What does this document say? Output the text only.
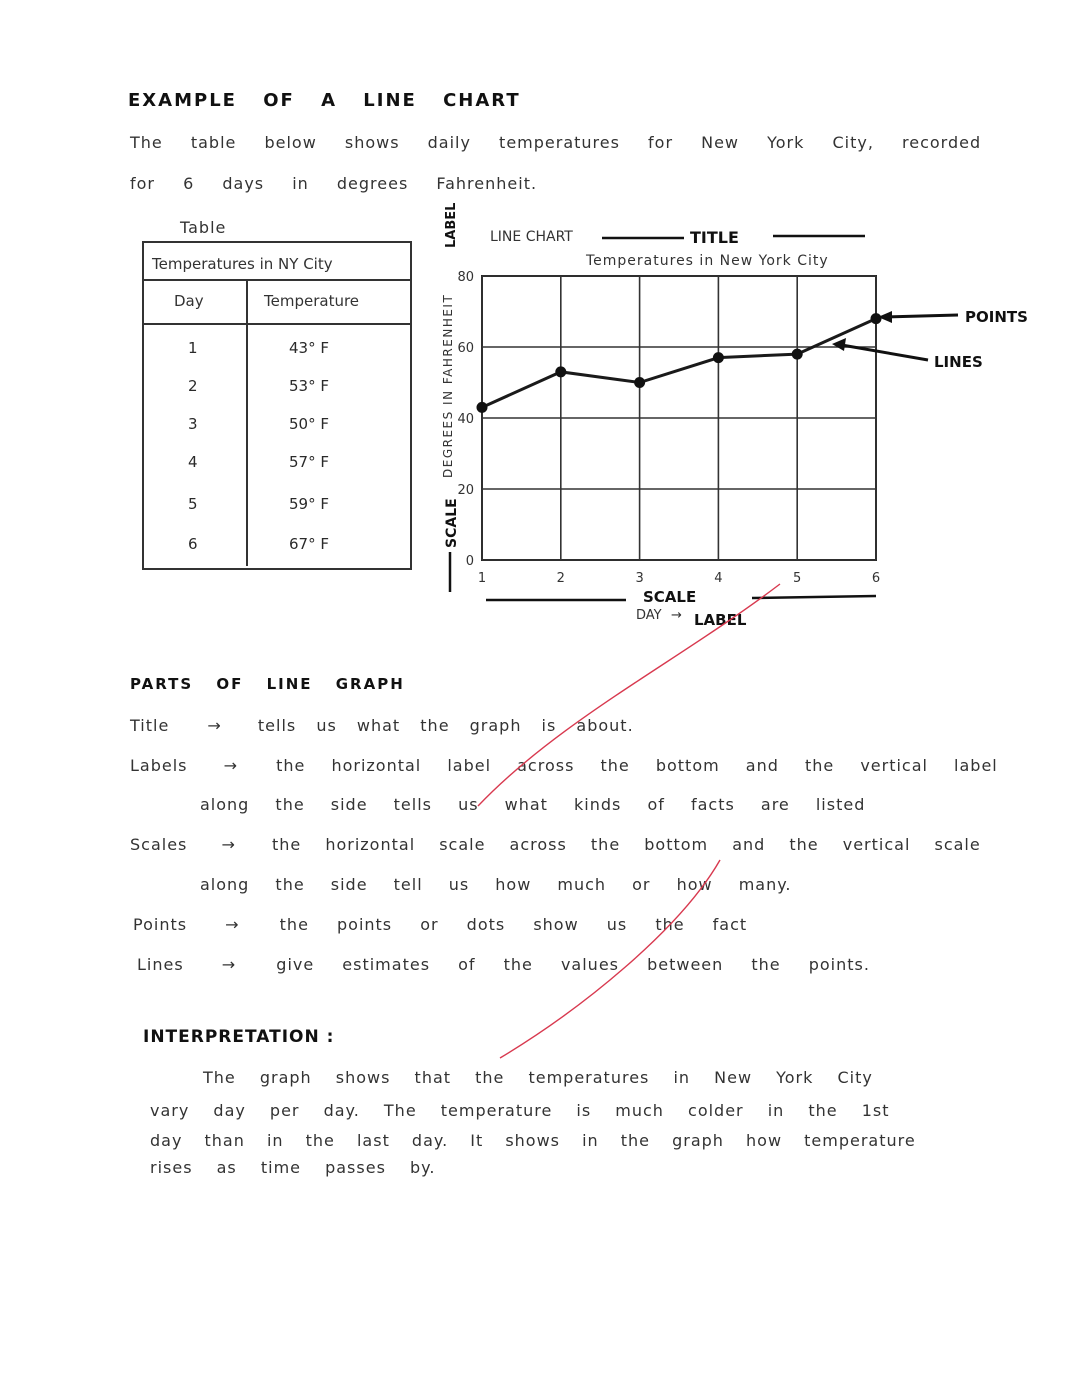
EXAMPLE OF A LINE CHART
The table below shows daily temperatures for New York City, recorded
for 6 days in degrees Fahrenheit.
Table
Temperatures in NY City
Day	Temperature
1	43° F
2	53° F
3	50° F
4	57° F
5	59° F
6	67° F
0
20
40
60
80
1	2	3	4	5	6
LINE CHART	TITLE
Temperatures in New York City
DEGREES IN FAHRENHEIT
LABEL
SCALE
SCALE
DAY → LABEL
POINTS
LINES
PARTS OF LINE GRAPH
Title → tells us what the graph is about.
Labels → the horizontal label across the bottom and the vertical label
along the side tells us what kinds of facts are listed
Scales → the horizontal scale across the bottom and the vertical scale
along the side tell us how much or how many.
Points →	the points or dots show us the fact
Lines →	give estimates of the values between the points.
INTERPRETATION :
The graph shows that the temperatures in New York City
vary day per day. The temperature is much colder in the 1st
day than in the last day. It shows in the graph how temperature
rises as time passes by.
